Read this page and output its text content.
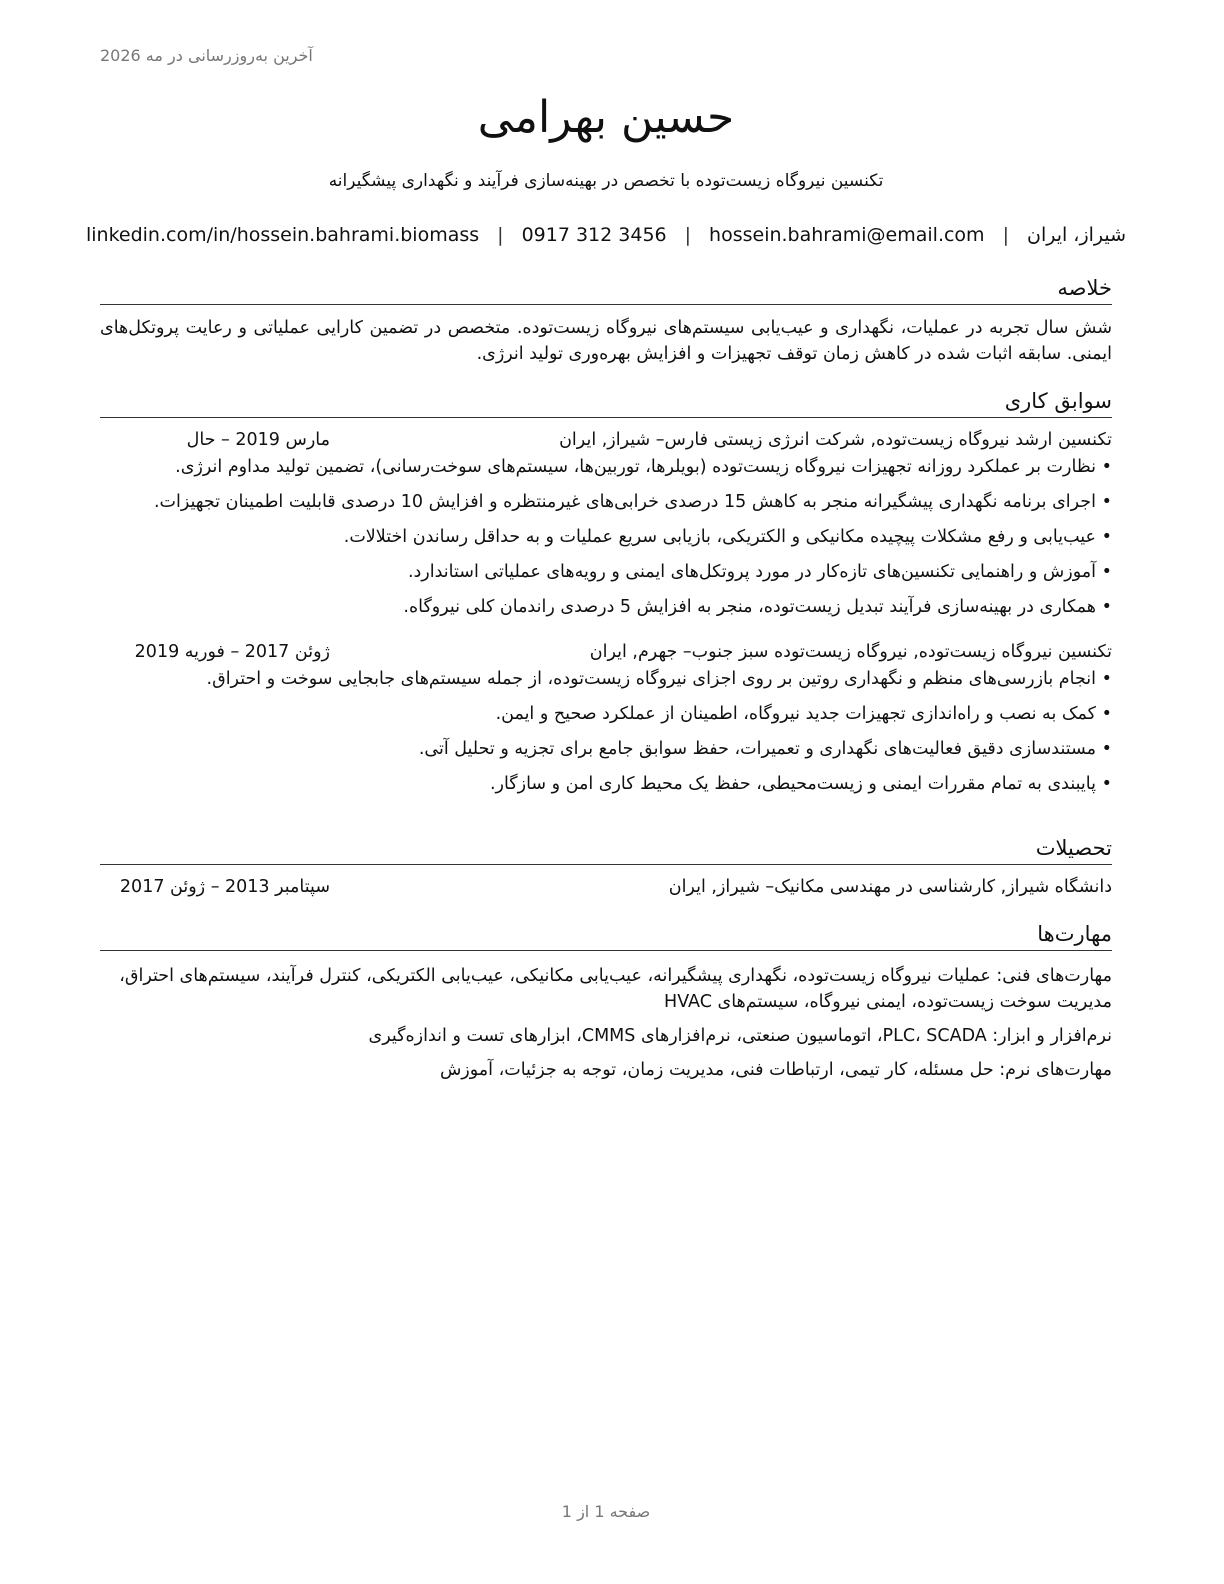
آخرین به‌روزرسانی در مه 2026
حسین بهرامی
تکنسین نیروگاه زیست‌توده با تخصص در بهینه‌سازی فرآیند و نگهداری پیشگیرانه
شیراز، ایران
|
hossein.bahrami@email.com
|
0917 312 3456
|
linkedin.com/in/hossein.bahrami.biomass
خلاصه

شش سال تجربه در عملیات، نگهداری و عیب‌یابی سیستم‌های نیروگاه زیست‌توده. متخصص در تضمین کارایی عملیاتی و رعایت پروتکل‌های ایمنی. سابقه اثبات شده در کاهش زمان توقف تجهیزات و افزایش بهره‌وری تولید انرژی.

سوابق کاری
تکنسین ارشد نیروگاه زیست‌توده, شرکت انرژی زیستی فارس
– شیراز, ایران
مارس 2019 – حال
•نظارت بر عملکرد روزانه تجهیزات نیروگاه زیست‌توده (بویلرها، توربین‌ها، سیستم‌های سوخت‌رسانی)، تضمین تولید مداوم انرژی.
•اجرای برنامه نگهداری پیشگیرانه منجر به کاهش 15 درصدی خرابی‌های غیرمنتظره و افزایش 10 درصدی قابلیت اطمینان تجهیزات.
•عیب‌یابی و رفع مشکلات پیچیده مکانیکی و الکتریکی، بازیابی سریع عملیات و به حداقل رساندن اختلالات.
•آموزش و راهنمایی تکنسین‌های تازه‌کار در مورد پروتکل‌های ایمنی و رویه‌های عملیاتی استاندارد.
•همکاری در بهینه‌سازی فرآیند تبدیل زیست‌توده، منجر به افزایش 5 درصدی راندمان کلی نیروگاه.
تکنسین نیروگاه زیست‌توده, نیروگاه زیست‌توده سبز جنوب
– جهرم, ایران
ژوئن 2017 – فوریه 2019
•انجام بازرسی‌های منظم و نگهداری روتین بر روی اجزای نیروگاه زیست‌توده، از جمله سیستم‌های جابجایی سوخت و احتراق.
•کمک به نصب و راه‌اندازی تجهیزات جدید نیروگاه، اطمینان از عملکرد صحیح و ایمن.
•مستندسازی دقیق فعالیت‌های نگهداری و تعمیرات، حفظ سوابق جامع برای تجزیه و تحلیل آتی.
•پایبندی به تمام مقررات ایمنی و زیست‌محیطی، حفظ یک محیط کاری امن و سازگار.
تحصیلات
دانشگاه شیراز, کارشناسی در مهندسی مکانیک
– شیراز, ایران
سپتامبر 2013 – ژوئن 2017
مهارت‌ها

مهارت‌های فنی: عملیات نیروگاه زیست‌توده، نگهداری پیشگیرانه، عیب‌یابی مکانیکی، عیب‌یابی الکتریکی، کنترل فرآیند، سیستم‌های احتراق، مدیریت سوخت زیست‌توده، ایمنی نیروگاه، سیستم‌های HVAC

نرم‌افزار و ابزار: PLC، SCADA، اتوماسیون صنعتی، نرم‌افزارهای CMMS، ابزارهای تست و اندازه‌گیری

مهارت‌های نرم: حل مسئله، کار تیمی، ارتباطات فنی، مدیریت زمان، توجه به جزئیات، آموزش

صفحه 1 از 1
